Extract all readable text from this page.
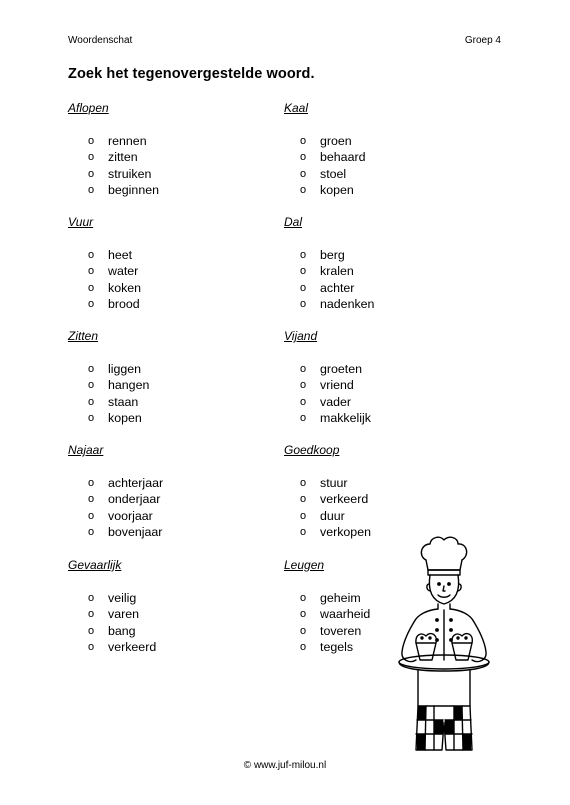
Woordenschat	Groep 4
Zoek het tegenovergestelde woord.
Aflopen
o rennen
o zitten
o struiken
o beginnen
Kaal
o groen
o behaard
o stoel
o kopen
Vuur
o heet
o water
o koken
o brood
Dal
o berg
o kralen
o achter
o nadenken
Zitten
o liggen
o hangen
o staan
o kopen
Vijand
o groeten
o vriend
o vader
o makkelijk
Najaar
o achterjaar
o onderjaar
o voorjaar
o bovenjaar
Goedkoop
o stuur
o verkeerd
o duur
o verkopen
Gevaarlijk
o veilig
o varen
o bang
o verkeerd
Leugen
o geheim
o waarheid
o toveren
o tegels
© www.juf-milou.nl
